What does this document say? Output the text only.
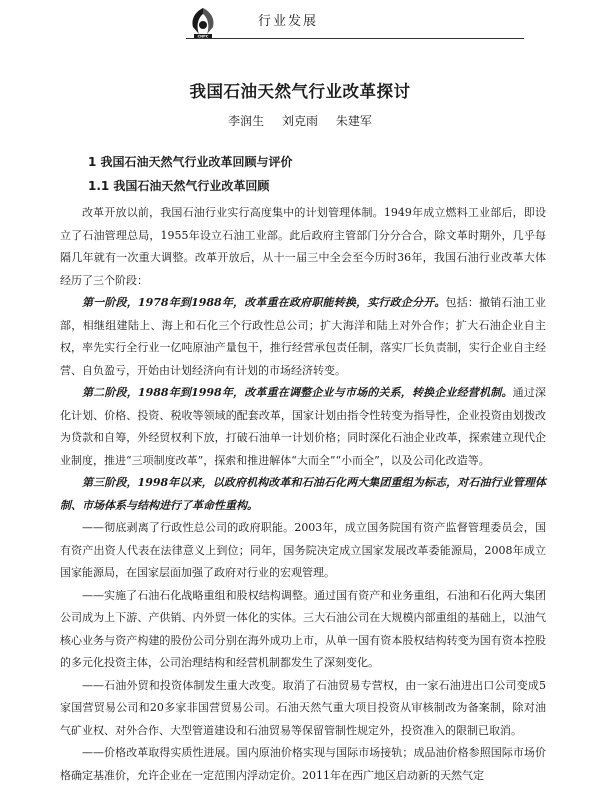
CNPC
行业发展
我国石油天然气行业改革探讨
李润生 刘克雨 朱建军
1 我国石油天然气行业改革回顾与评价
1.1 我国石油天然气行业改革回顾

改革开放以前，我国石油行业实行高度集中的计划管理体制。1949年成立燃料工业部后，即设立了石油管理总局，1955年设立石油工业部。此后政府主管部门分分合合，除文革时期外，几乎每隔几年就有一次重大调整。改革开放后，从十一届三中全会至今历时36年，我国石油行业改革大体经历了三个阶段：

第一阶段，1978年到1988年，改革重在政府职能转换，实行政企分开。包括：撤销石油工业部，相继组建陆上、海上和石化三个行政性总公司；扩大海洋和陆上对外合作；扩大石油企业自主权，率先实行全行业一亿吨原油产量包干，推行经营承包责任制，落实厂长负责制，实行企业自主经营、自负盈亏，开始由计划经济向有计划的市场经济转变。

第二阶段，1988年到1998年，改革重在调整企业与市场的关系，转换企业经营机制。通过深化计划、价格、投资、税收等领域的配套改革，国家计划由指令性转变为指导性，企业投资由划拨改为贷款和自筹，外经贸权利下放，打破石油单一计划价格；同时深化石油企业改革，探索建立现代企业制度，推进“三项制度改革”，探索和推进解体“大而全”“小而全”，以及公司化改造等。

第三阶段，1998年以来，以政府机构改革和石油石化两大集团重组为标志，对石油行业管理体制、市场体系与结构进行了革命性重构。

——彻底剥离了行政性总公司的政府职能。2003年，成立国务院国有资产监督管理委员会，国有资产出资人代表在法律意义上到位；同年，国务院决定成立国家发展改革委能源局，2008年成立国家能源局，在国家层面加强了政府对行业的宏观管理。

——实施了石油石化战略重组和股权结构调整。通过国有资产和业务重组，石油和石化两大集团公司成为上下游、产供销、内外贸一体化的实体。三大石油公司在大规模内部重组的基础上，以油气核心业务与资产构建的股份公司分别在海外成功上市，从单一国有资本股权结构转变为国有资本控股的多元化投资主体，公司治理结构和经营机制都发生了深刻变化。

——石油外贸和投资体制发生重大改变。取消了石油贸易专营权，由一家石油进出口公司变成5家国营贸易公司和20多家非国营贸易公司。石油天然气重大项目投资从审核制改为备案制，除对油气矿业权、对外合作、大型管道建设和石油贸易等保留管制性规定外，投资准入的限制已取消。

——价格改革取得实质性进展。国内原油价格实现与国际市场接轨；成品油价格参照国际市场价格确定基准价，允许企业在一定范围内浮动定价。2011年在西广地区启动新的天然气定
